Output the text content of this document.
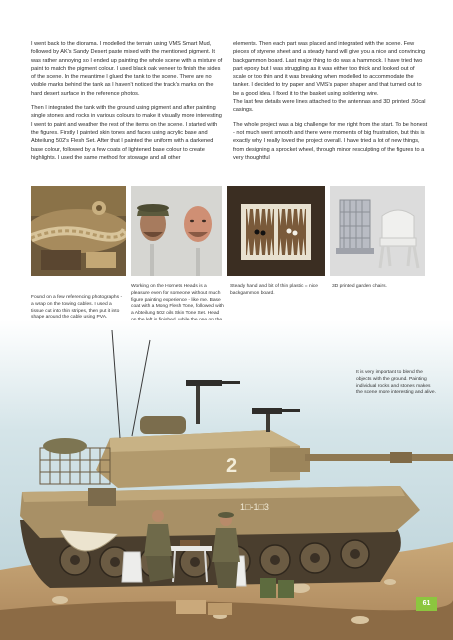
I went back to the diorama. I modelled the terrain using VMS Smart Mud, followed by AK's Sandy Desert paste mixed with the mentioned pigment. It was rather annoying so I ended up painting the whole scene with a mixture of paint to match the pigment colour. I used black oak veneer to finish the sides of the scene. In the meantime I glued the tank to the scene. There are no visible marks behind the tank as I haven't noticed the track's marks on the hard desert surface in the reference photos.

Then I integrated the tank with the ground using pigment and after painting single stones and rocks in various colours to make it visually more interesting I went to paint and weather the rest of the items on the scene. I started with the figures. Firstly I painted skin tones and faces using acrylic base and Abteilung 502's Flesh Set. After that I painted the uniform with a darkened base colour, followed by a few coats of lightened base colour to create highlights. I used the same method for stowage and all other

elements. Then each part was placed and integrated with the scene. Few pieces of styrene sheet and a steady hand will give you a nice and convincing backgammon board. Last major thing to do was a hammock. I have tried two part epoxy but I was struggling as it was either too thick and looked out of scale or too thin and it was breaking when modelled to accommodate the tanker. I decided to try paper and VMS's paper shaper and that turned out to be a good idea. I fixed it to the basket using soldering wire.
The last few details were lines attached to the antennas and 3D printed .50cal casings.

The whole project was a big challenge for me right from the start. To be honest - not much went smooth and there were moments of big frustration, but this is exactly why I really loved the project overall. I have tried a lot of new things, from designing a sprocket wheel, through minor resculpting of the figures to a very thoughtful

Found on a few referencing photographs - a wrap on the towing cables. I used a tissue cut into thin stripes, then put it into shape around the cable using PVA.
Working on the Hornets Heads is a pleasure even for someone without much figure painting experience - like me. Base coat with a Mong Flesh Tone, followed with a Abteilung 502 oils Skin Tone Set. Head
Steady hand and bit of thin plastic = nice backgammon board.
3D printed garden chairs.
2
1□-1□3
It is very important to blend the objects with the ground. Painting individual rocks and stones makes the scene more interesting and alive.
61
